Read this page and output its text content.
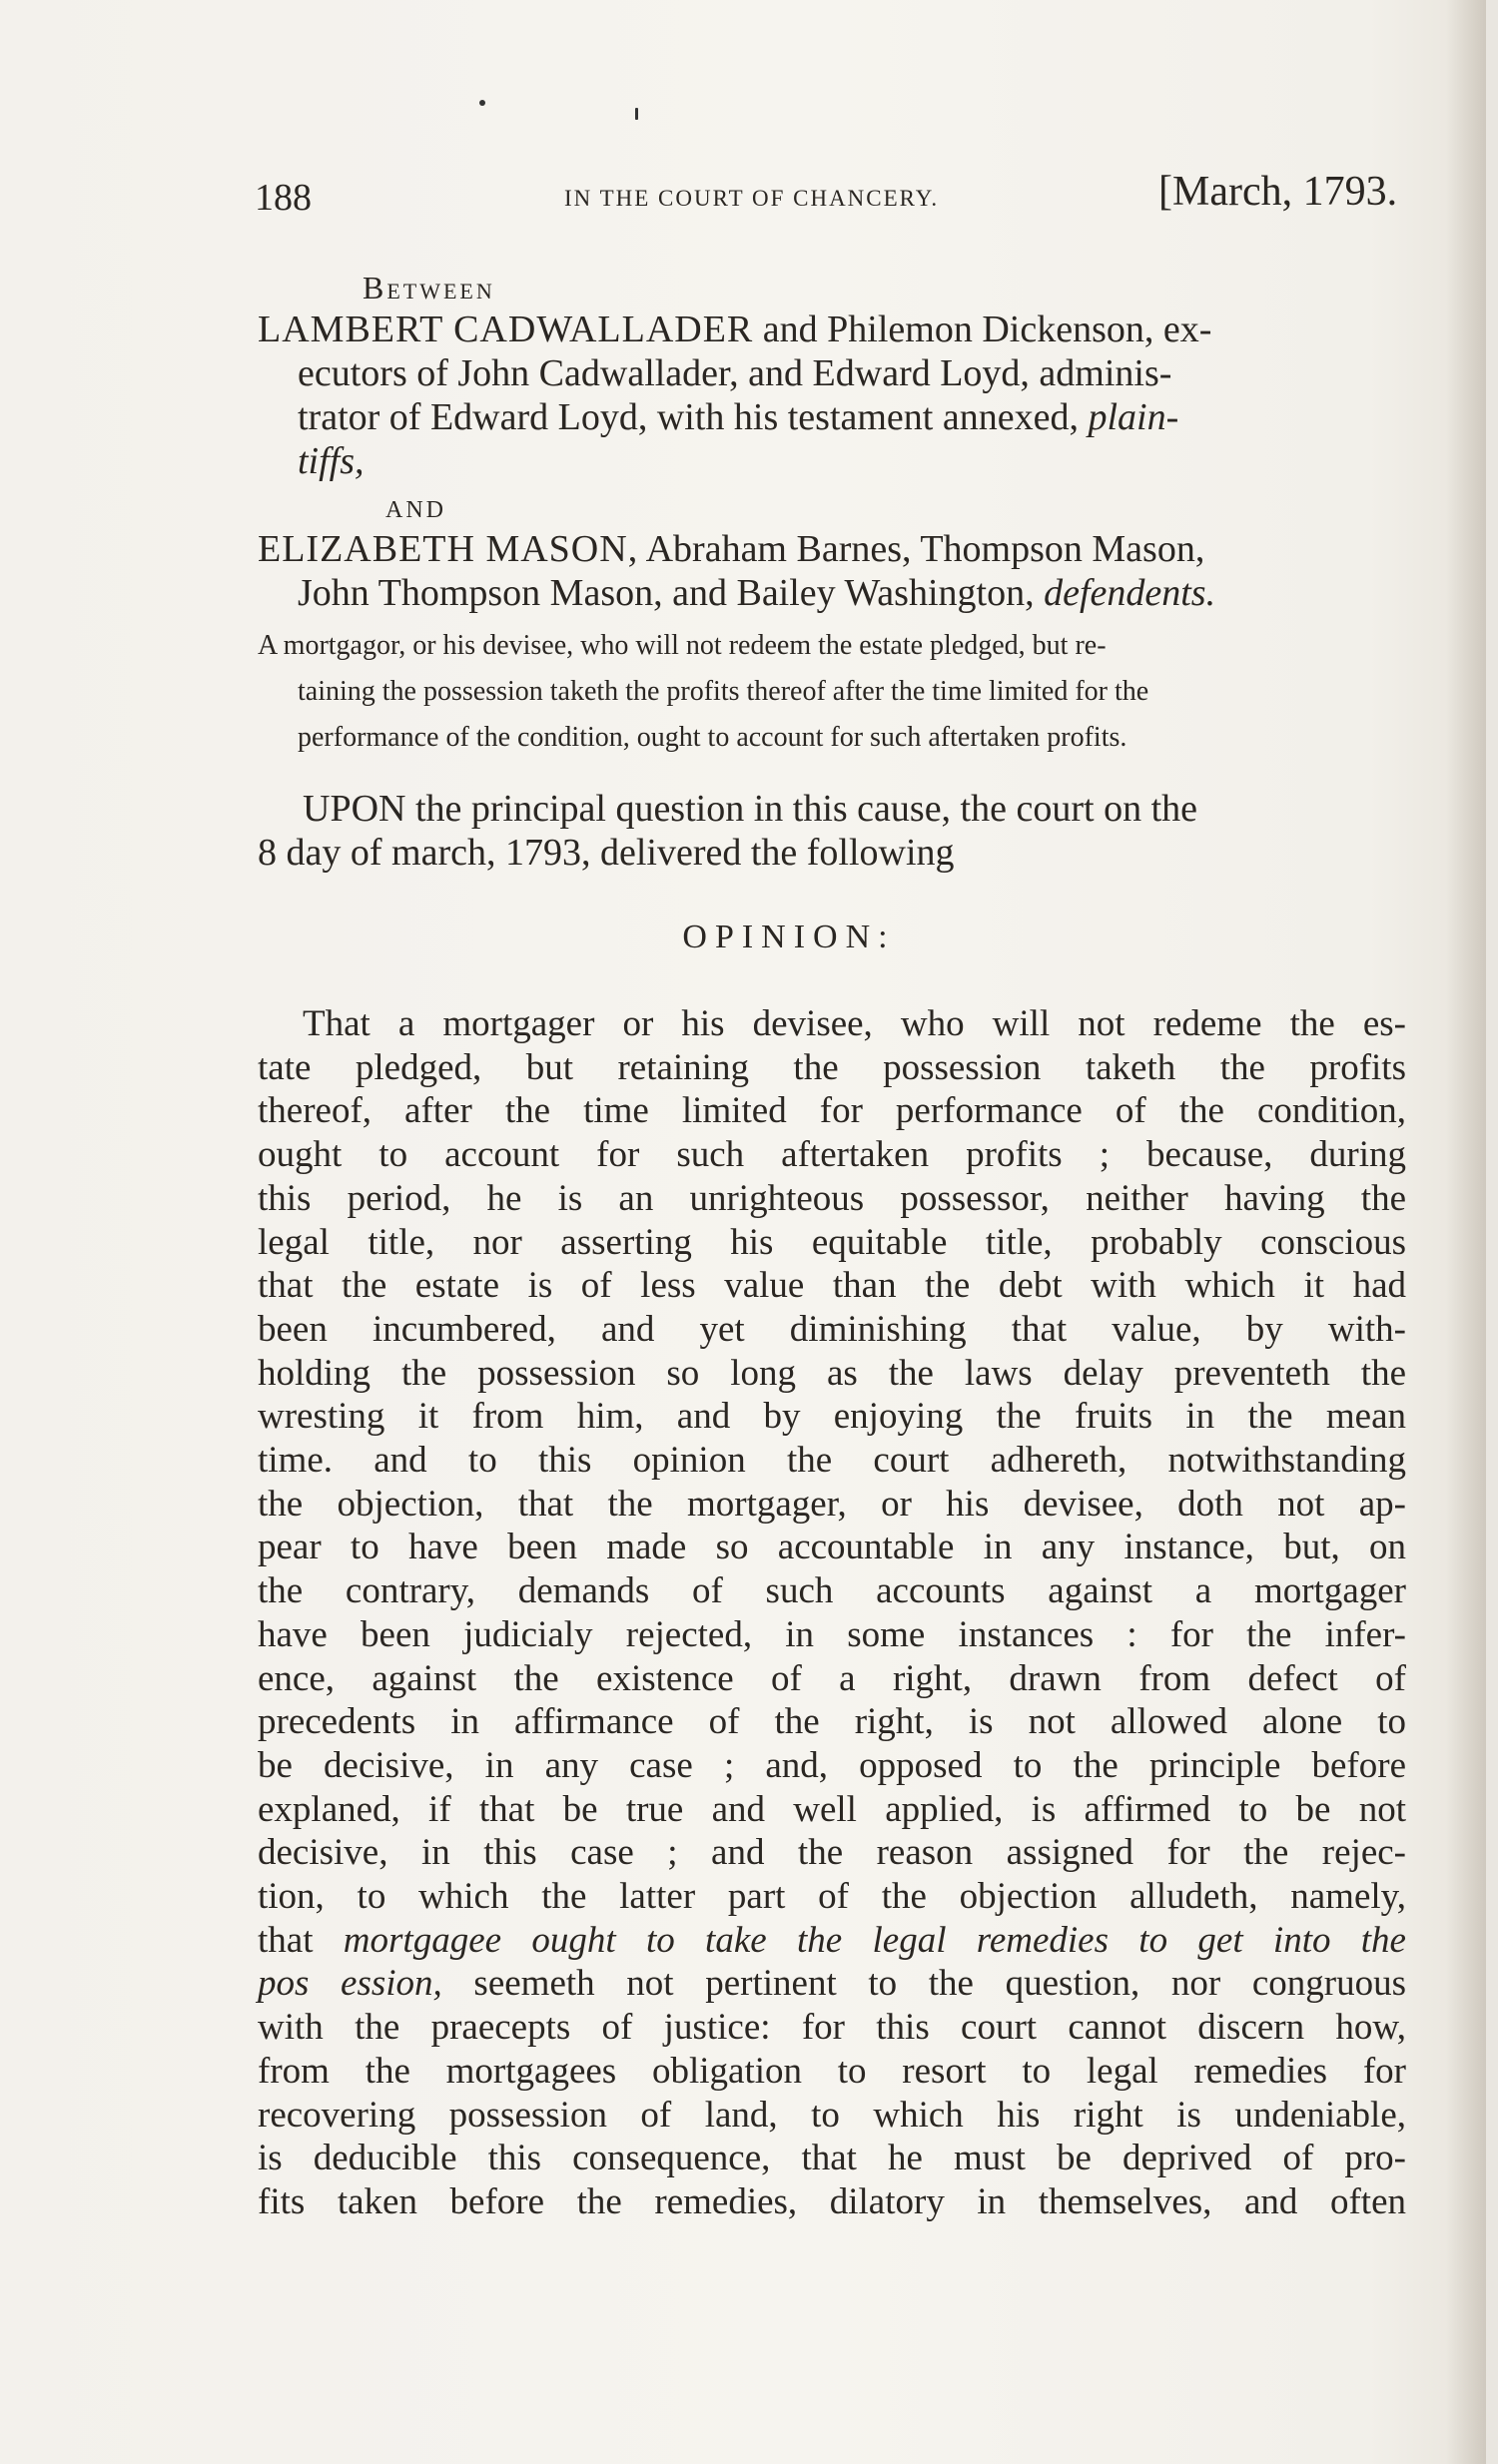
188	IN THE COURT OF CHANCERY.	[March, 1793.
Between
LAMBERT CADWALLADER and Philemon Dickenson, ex-
ecutors of John Cadwallader, and Edward Loyd, adminis-
trator of Edward Loyd, with his testament annexed, plain-
tiffs,
AND
ELIZABETH MASON, Abraham Barnes, Thompson Mason,
John Thompson Mason, and Bailey Washington, defendents.
A mortgagor, or his devisee, who will not redeem the estate pledged, but re-
taining the possession taketh the profits thereof after the time limited for the
performance of the condition, ought to account for such aftertaken profits.
UPON the principal question in this cause, the court on the
8 day of march, 1793, delivered the following
OPINION:
That a mortgager or his devisee, who will not redeme the es-
tate pledged, but retaining the possession taketh the profits
thereof, after the time limited for performance of the condition,
ought to account for such aftertaken profits ; because, during
this period, he is an unrighteous possessor, neither having the
legal title, nor asserting his equitable title, probably conscious
that the estate is of less value than the debt with which it had
been incumbered, and yet diminishing that value, by with-
holding the possession so long as the laws delay preventeth the
wresting it from him, and by enjoying the fruits in the mean
time. and to this opinion the court adhereth, notwithstanding
the objection, that the mortgager, or his devisee, doth not ap-
pear to have been made so accountable in any instance, but, on
the contrary, demands of such accounts against a mortgager
have been judicialy rejected, in some instances : for the infer-
ence, against the existence of a right, drawn from defect of
precedents in affirmance of the right, is not allowed alone to
be decisive, in any case ; and, opposed to the principle before
explaned, if that be true and well applied, is affirmed to be not
decisive, in this case ; and the reason assigned for the rejec-
tion, to which the latter part of the objection alludeth, namely,
that mortgagee ought to take the legal remedies to get into the
pos ession, seemeth not pertinent to the question, nor congruous
with the praecepts of justice: for this court cannot discern how,
from the mortgagees obligation to resort to legal remedies for
recovering possession of land, to which his right is undeniable,
is deducible this consequence, that he must be deprived of pro-
fits taken before the remedies, dilatory in themselves, and often
